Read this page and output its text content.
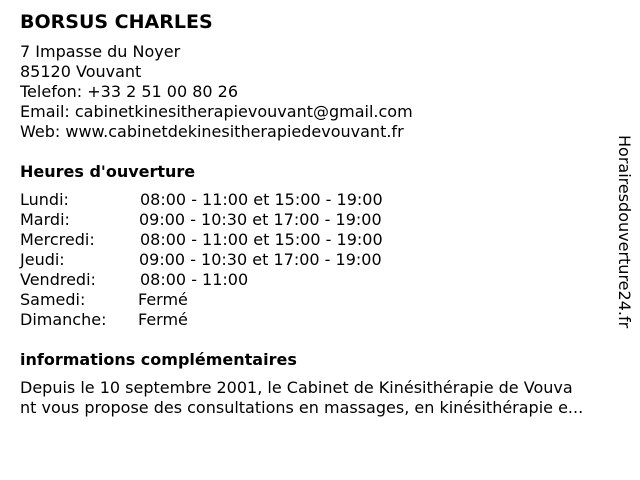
BORSUS CHARLES
7 Impasse du Noyer
85120 Vouvant
Telefon: +33 2 51 00 80 26
Email: cabinetkinesitherapievouvant@gmail.com
Web: www.cabinetdekinesitherapiedevouvant.fr
Heures d'ouverture
Lundi:	08:00 - 11:00 et 15:00 - 19:00
Mardi:	09:00 - 10:30 et 17:00 - 19:00
Mercredi:	08:00 - 11:00 et 15:00 - 19:00
Jeudi:	09:00 - 10:30 et 17:00 - 19:00
Vendredi:	08:00 - 11:00
Samedi:	Fermé
Dimanche:	Fermé
informations complémentaires
Depuis le 10 septembre 2001, le Cabinet de Kinésithérapie de Vouva
nt vous propose des consultations en massages, en kinésithérapie e...
Horairesdouverture24.fr
